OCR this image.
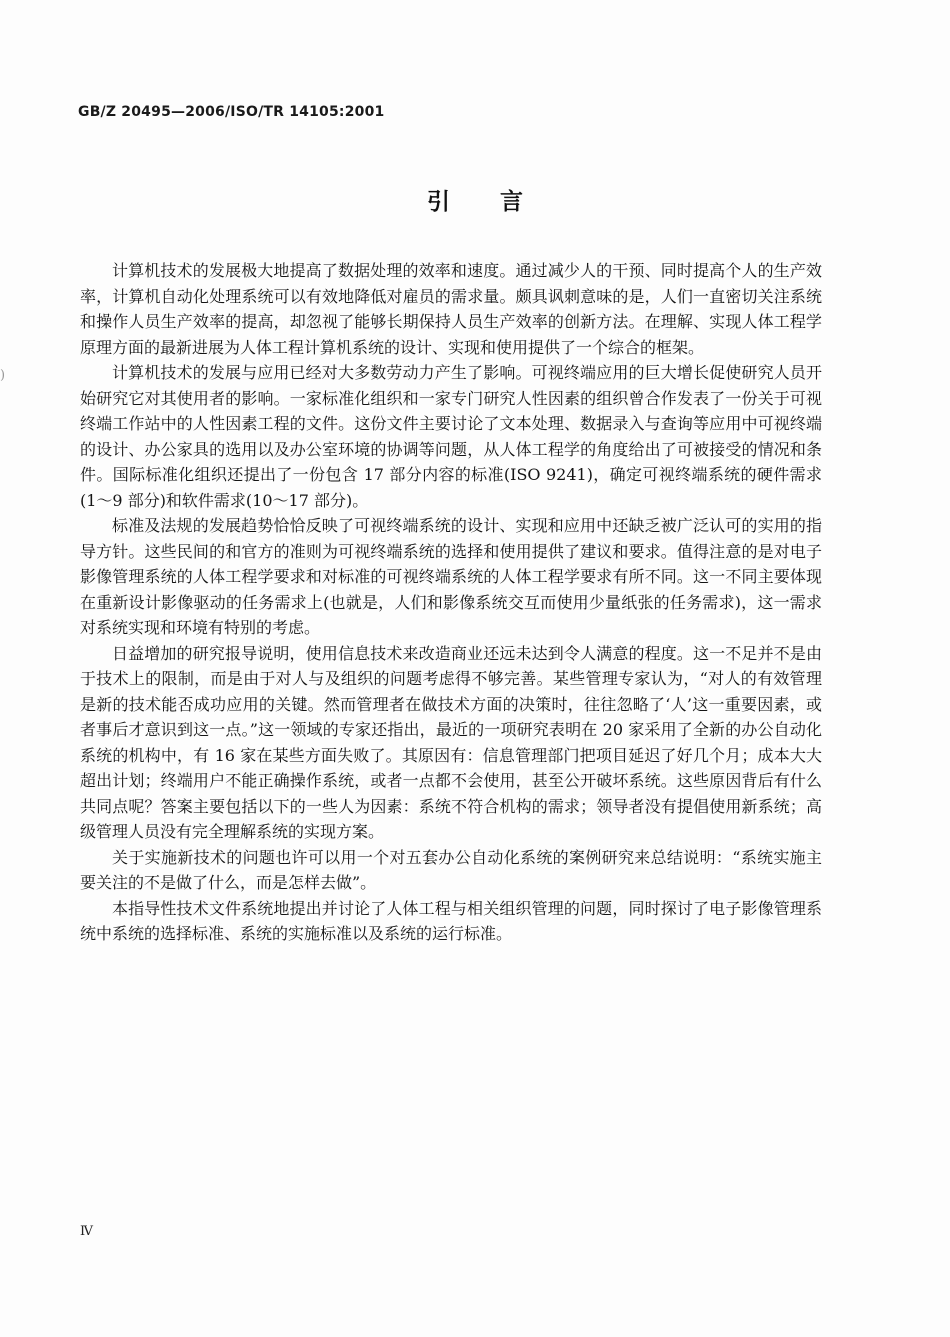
)
GB/Z 20495—2006/ISO/TR 14105:2001
引言

计算机技术的发展极大地提高了数据处理的效率和速度。通过减少人的干预、同时提高个人的生产效率，计算机自动化处理系统可以有效地降低对雇员的需求量。颇具讽刺意味的是，人们一直密切关注系统和操作人员生产效率的提高，却忽视了能够长期保持人员生产效率的创新方法。在理解、实现人体工程学原理方面的最新进展为人体工程计算机系统的设计、实现和使用提供了一个综合的框架。

计算机技术的发展与应用已经对大多数劳动力产生了影响。可视终端应用的巨大增长促使研究人员开始研究它对其使用者的影响。一家标准化组织和一家专门研究人性因素的组织曾合作发表了一份关于可视终端工作站中的人性因素工程的文件。这份文件主要讨论了文本处理、数据录入与查询等应用中可视终端的设计、办公家具的选用以及办公室环境的协调等问题，从人体工程学的角度给出了可被接受的情况和条件。国际标准化组织还提出了一份包含 17 部分内容的标准(ISO 9241)，确定可视终端系统的硬件需求(1～9 部分)和软件需求(10～17 部分)。

标准及法规的发展趋势恰恰反映了可视终端系统的设计、实现和应用中还缺乏被广泛认可的实用的指导方针。这些民间的和官方的准则为可视终端系统的选择和使用提供了建议和要求。值得注意的是对电子影像管理系统的人体工程学要求和对标准的可视终端系统的人体工程学要求有所不同。这一不同主要体现在重新设计影像驱动的任务需求上(也就是，人们和影像系统交互而使用少量纸张的任务需求)，这一需求对系统实现和环境有特别的考虑。

日益增加的研究报导说明，使用信息技术来改造商业还远未达到令人满意的程度。这一不足并不是由于技术上的限制，而是由于对人与及组织的问题考虑得不够完善。某些管理专家认为，“对人的有效管理是新的技术能否成功应用的关键。然而管理者在做技术方面的决策时，往往忽略了‘人’这一重要因素，或者事后才意识到这一点。”这一领域的专家还指出，最近的一项研究表明在 20 家采用了全新的办公自动化系统的机构中，有 16 家在某些方面失败了。其原因有：信息管理部门把项目延迟了好几个月；成本大大超出计划；终端用户不能正确操作系统，或者一点都不会使用，甚至公开破坏系统。这些原因背后有什么共同点呢？答案主要包括以下的一些人为因素：系统不符合机构的需求；领导者没有提倡使用新系统；高级管理人员没有完全理解系统的实现方案。

关于实施新技术的问题也许可以用一个对五套办公自动化系统的案例研究来总结说明：“系统实施主要关注的不是做了什么，而是怎样去做”。

本指导性技术文件系统地提出并讨论了人体工程与相关组织管理的问题，同时探讨了电子影像管理系统中系统的选择标准、系统的实施标准以及系统的运行标准。

Ⅳ
